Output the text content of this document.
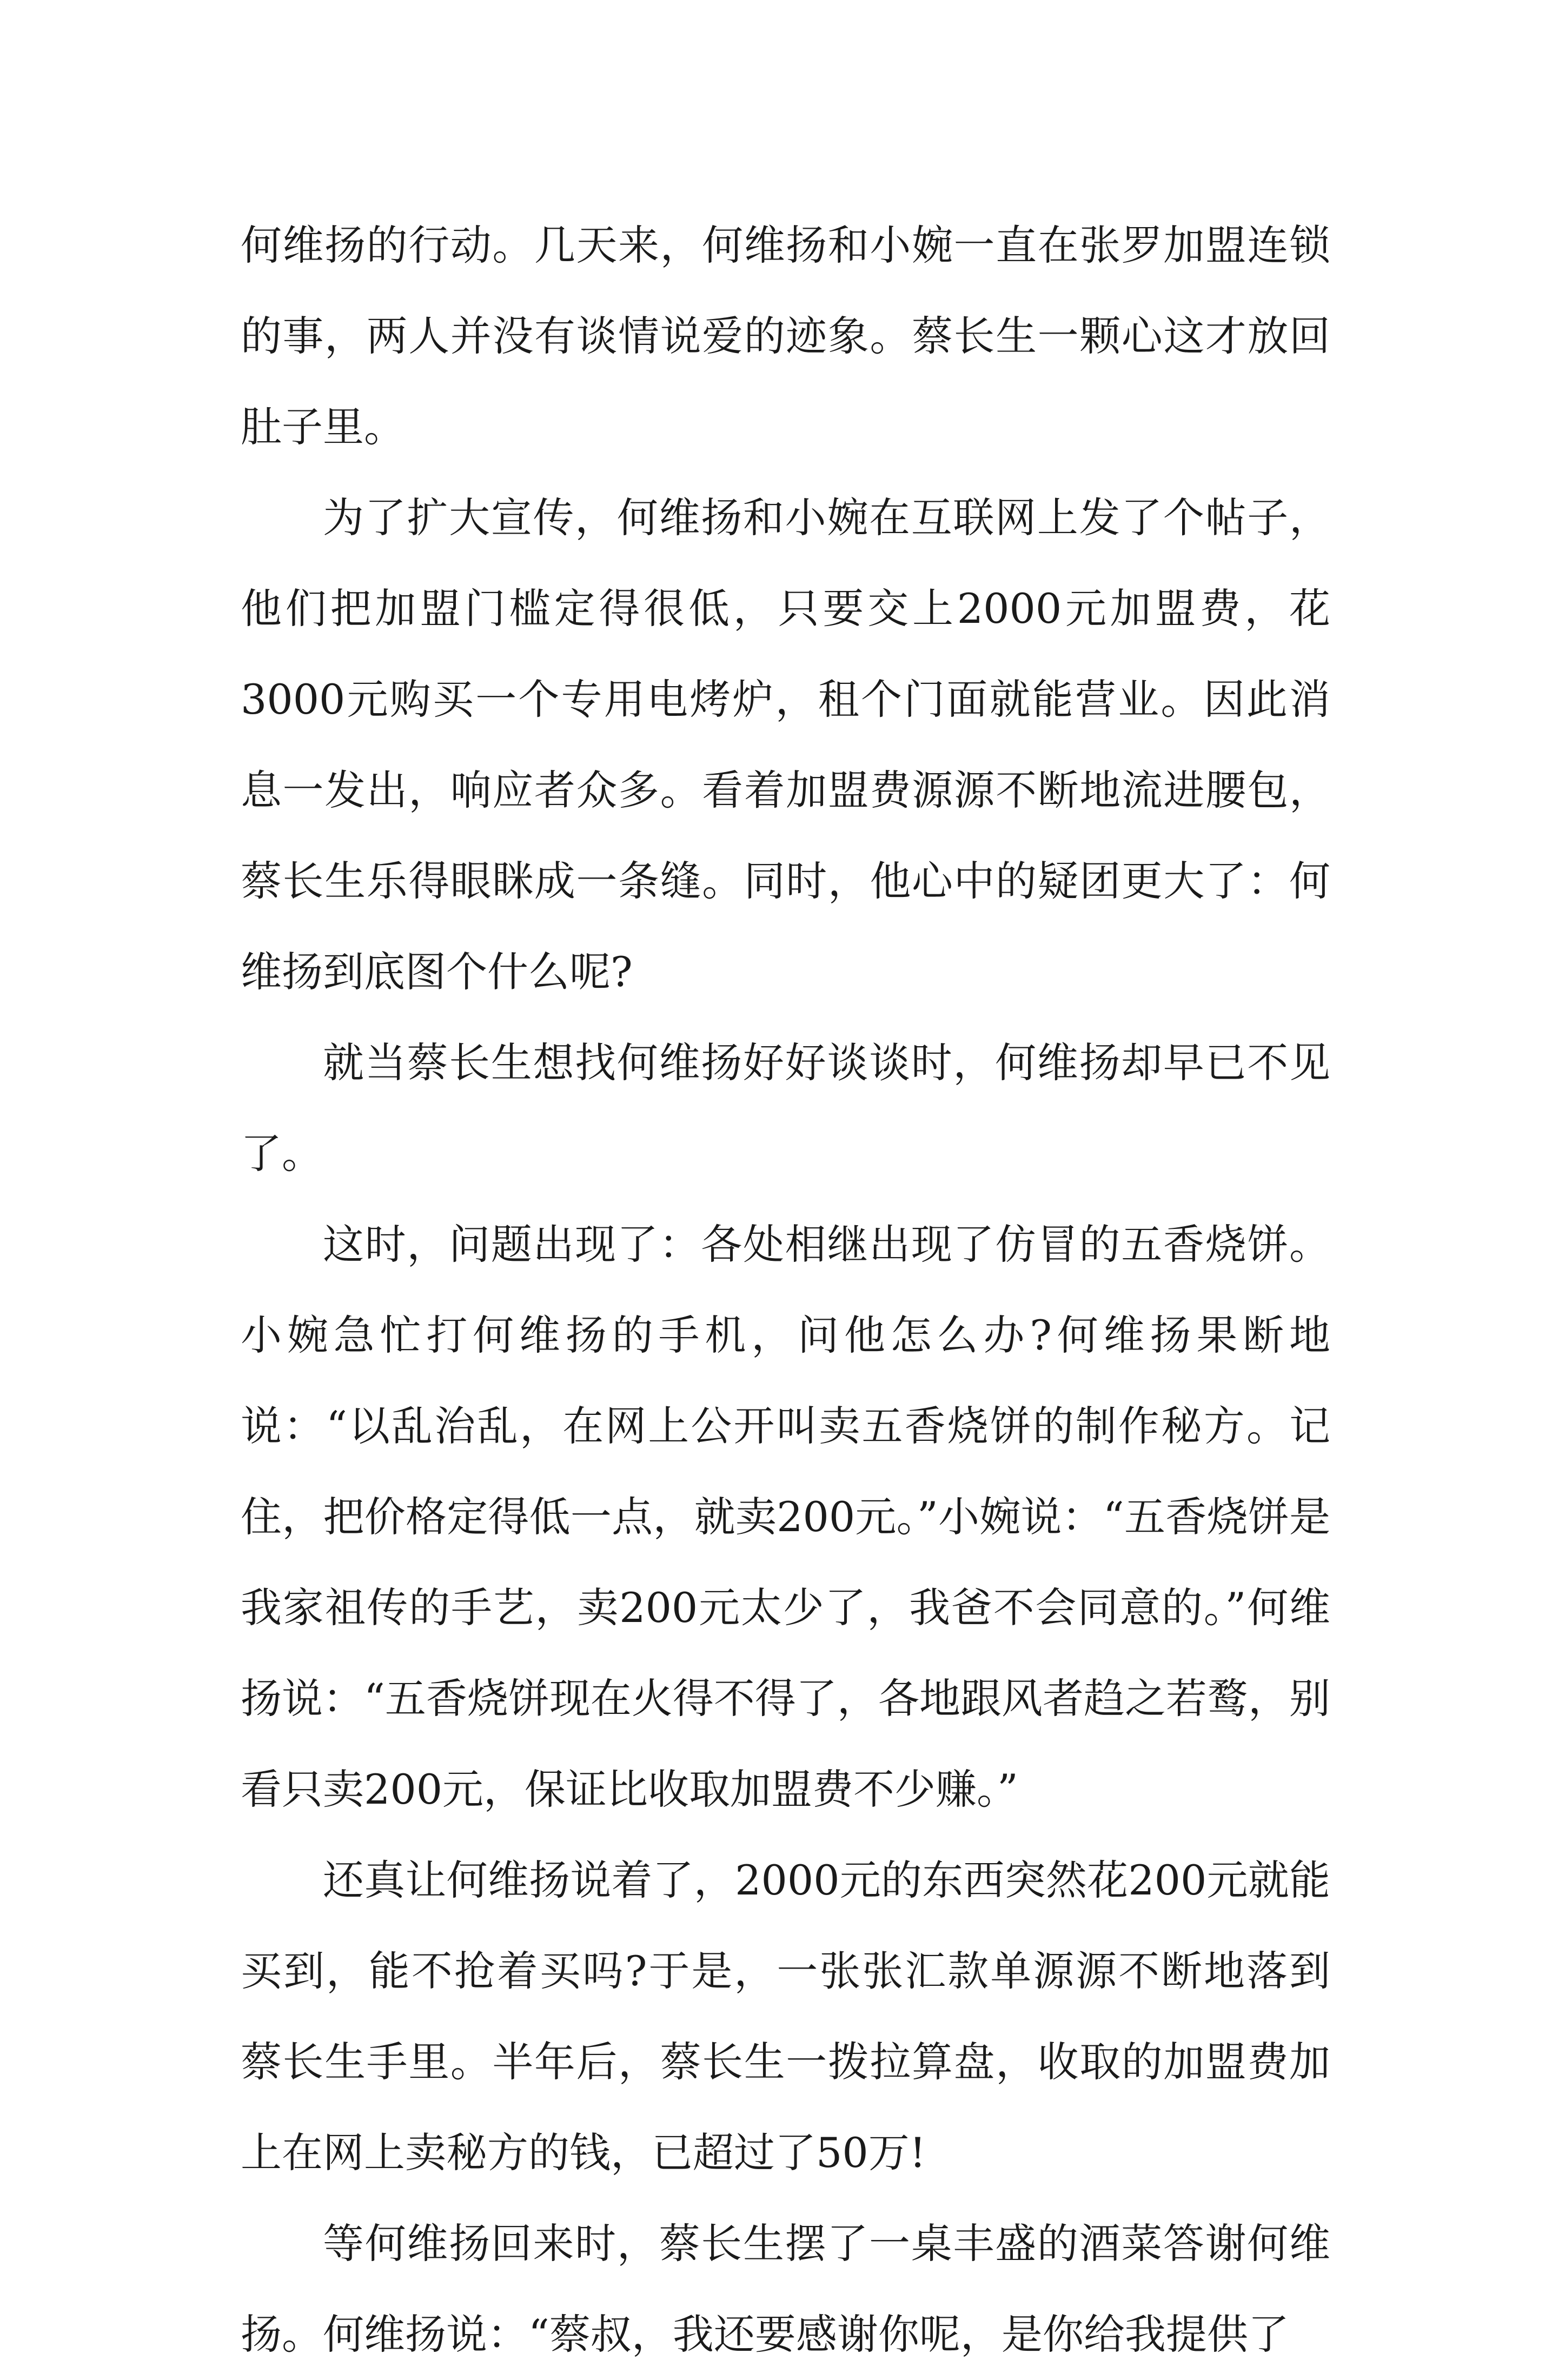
何维扬的行动。几天来，何维扬和小婉一直在张罗加盟连锁的事，两人并没有谈情说爱的迹象。蔡长生一颗心这才放回肚子里。

为了扩大宣传，何维扬和小婉在互联网上发了个帖子，他们把加盟门槛定得很低，只要交上2000元加盟费，花3000元购买一个专用电烤炉，租个门面就能营业。因此消息一发出，响应者众多。看着加盟费源源不断地流进腰包，蔡长生乐得眼眯成一条缝。同时，他心中的疑团更大了：何维扬到底图个什么呢?

就当蔡长生想找何维扬好好谈谈时，何维扬却早已不见了。

这时，问题出现了：各处相继出现了仿冒的五香烧饼。小婉急忙打何维扬的手机，问他怎么办?何维扬果断地说：“以乱治乱，在网上公开叫卖五香烧饼的制作秘方。记住，把价格定得低一点，就卖200元。”小婉说：“五香烧饼是我家祖传的手艺，卖200元太少了，我爸不会同意的。”何维扬说：“五香烧饼现在火得不得了，各地跟风者趋之若鹜，别看只卖200元，保证比收取加盟费不少赚。”

还真让何维扬说着了，2000元的东西突然花200元就能买到，能不抢着买吗?于是，一张张汇款单源源不断地落到蔡长生手里。半年后，蔡长生一拨拉算盘，收取的加盟费加上在网上卖秘方的钱，已超过了50万!

等何维扬回来时，蔡长生摆了一桌丰盛的酒菜答谢何维扬。何维扬说：“蔡叔，我还要感谢你呢，是你给我提供了
